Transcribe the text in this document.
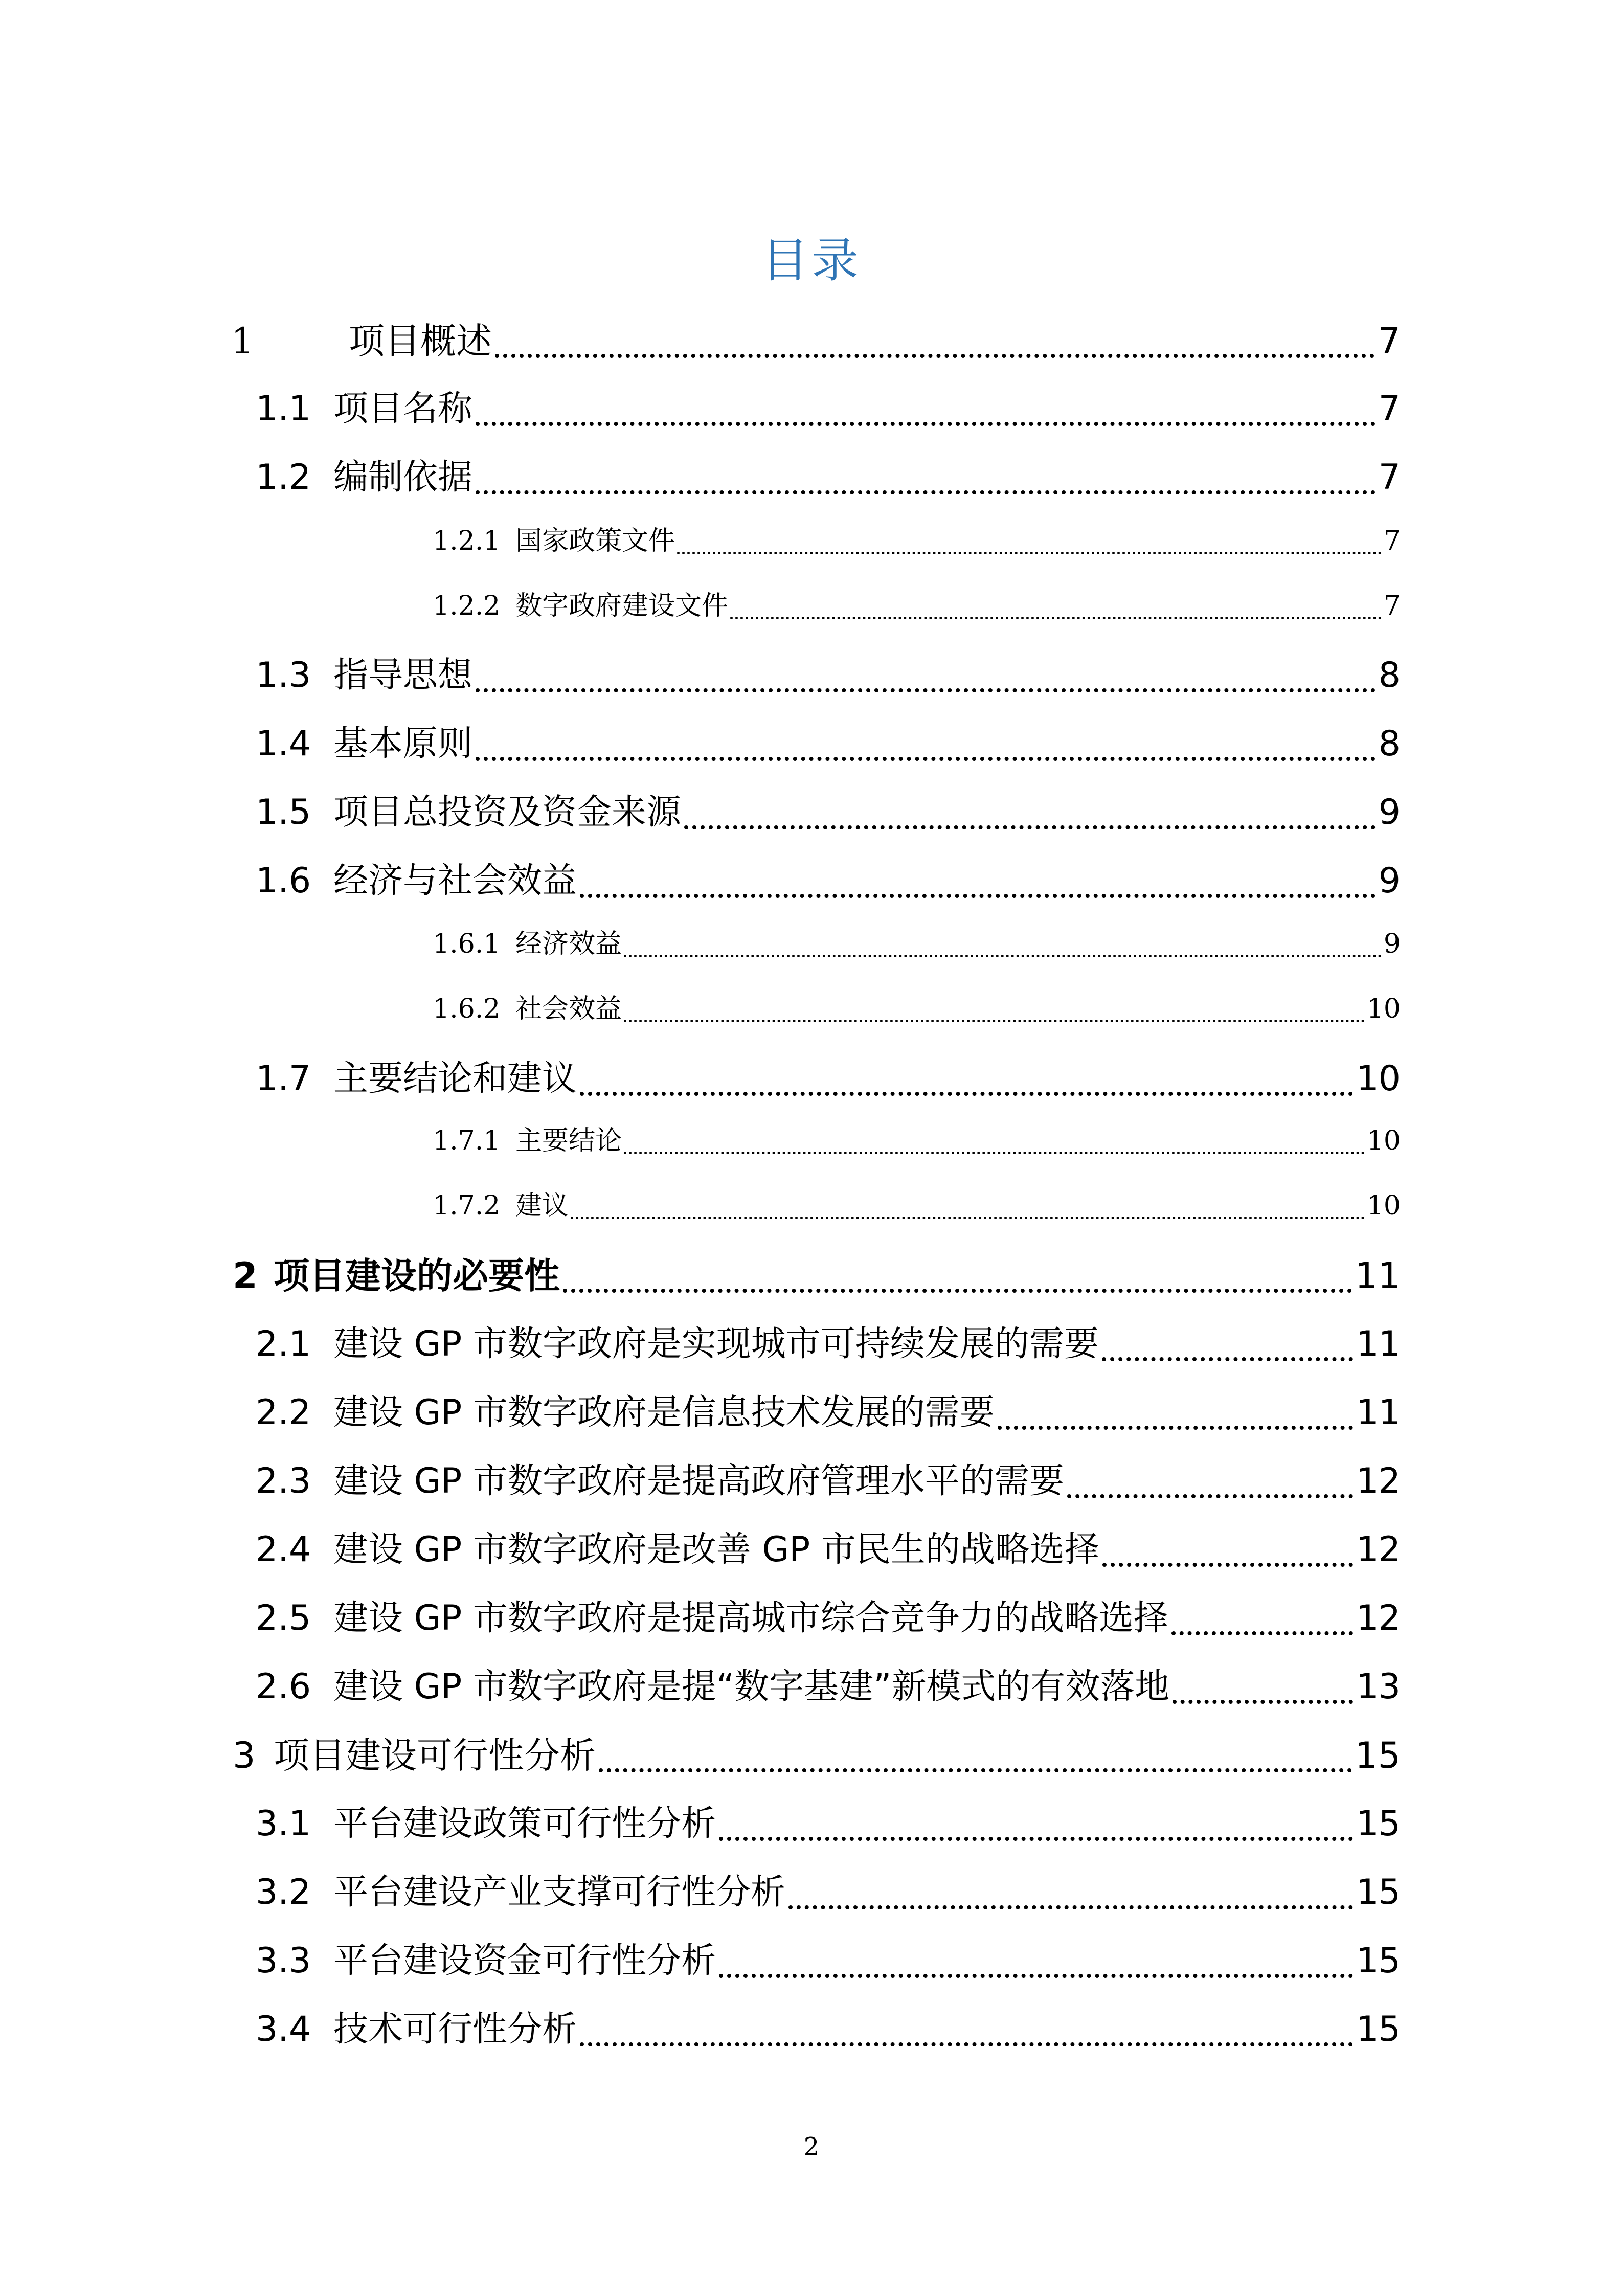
目录
1	项目概述	7
1.1 项目名称	7
1.2 编制依据	7
1.2.1 国家政策文件	7
1.2.2 数字政府建设文件	7
1.3 指导思想	8
1.4 基本原则	8
1.5 项目总投资及资金来源	9
1.6 经济与社会效益	9
1.6.1 经济效益	9
1.6.2 社会效益	10
1.7 主要结论和建议	10
1.7.1 主要结论	10
1.7.2 建议	10
2 项目建设的必要性	11
2.1 建设 GP 市数字政府是实现城市可持续发展的需要	11
2.2 建设 GP 市数字政府是信息技术发展的需要	11
2.3 建设 GP 市数字政府是提高政府管理水平的需要	12
2.4 建设 GP 市数字政府是改善 GP 市民生的战略选择	12
2.5 建设 GP 市数字政府是提高城市综合竞争力的战略选择	12
2.6 建设 GP 市数字政府是提“数字基建”新模式的有效落地	13
3 项目建设可行性分析	15
3.1 平台建设政策可行性分析	15
3.2 平台建设产业支撑可行性分析	15
3.3 平台建设资金可行性分析	15
3.4 技术可行性分析	15
2
